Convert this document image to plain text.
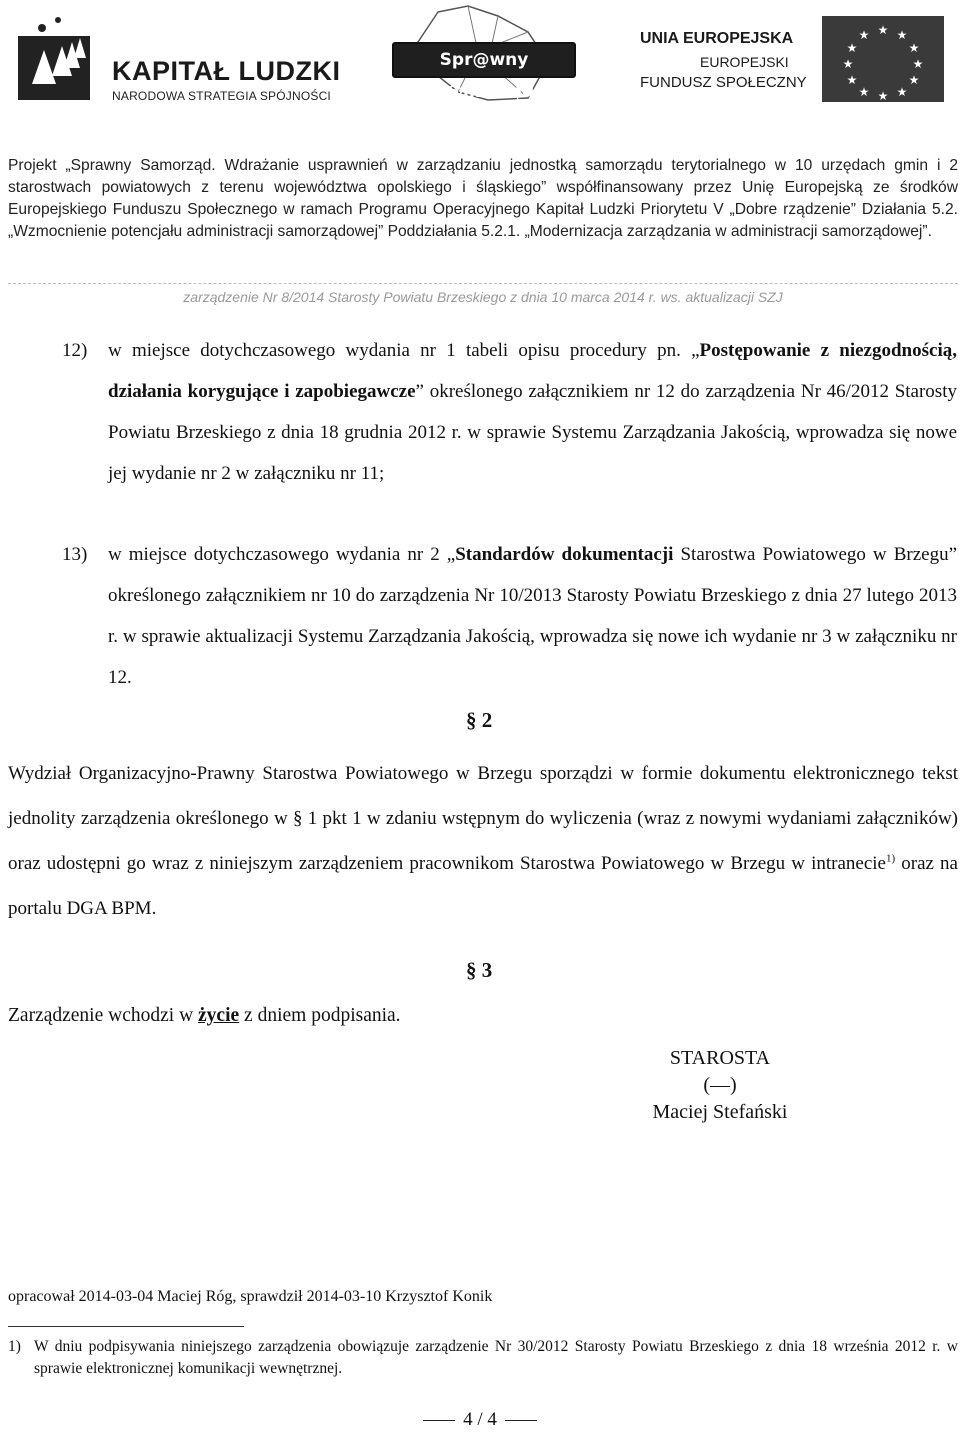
KAPITAŁ LUDZKI
NARODOWA STRATEGIA SPÓJNOŚCI
Spr@wny S@morząd
UNIA EUROPEJSKA
EUROPEJSKI
FUNDUSZ SPOŁECZNY
★ ★
★
★
★
★
★
★
★
★
★
★
Projekt „Sprawny Samorząd. Wdrażanie usprawnień w zarządzaniu jednostką samorządu terytorialnego w 10 urzędach gmin i 2 starostwach powiatowych z terenu województwa opolskiego i śląskiego” współfinansowany przez Unię Europejską ze środków Europejskiego Funduszu Społecznego w ramach Programu Operacyjnego Kapitał Ludzki Priorytetu V „Dobre rządzenie” Działania 5.2. „Wzmocnienie potencjału administracji samorządowej” Poddziałania 5.2.1. „Modernizacja zarządzania w administracji samorządowej”.
zarządzenie Nr 8/2014 Starosty Powiatu Brzeskiego z dnia 10 marca 2014 r. ws. aktualizacji SZJ
12) w miejsce dotychczasowego wydania nr 1 tabeli opisu procedury pn. „Postępowanie z niezgodnością, działania korygujące i zapobiegawcze” określonego załącznikiem nr 12 do zarządzenia Nr 46/2012 Starosty Powiatu Brzeskiego z dnia 18 grudnia 2012 r. w sprawie Systemu Zarządzania Jakością, wprowadza się nowe jej wydanie nr 2 w załączniku nr 11;
13) w miejsce dotychczasowego wydania nr 2 „Standardów dokumentacji Starostwa Powiatowego w Brzegu” określonego załącznikiem nr 10 do zarządzenia Nr 10/2013 Starosty Powiatu Brzeskiego z dnia 27 lutego 2013 r. w sprawie aktualizacji Systemu Zarządzania Jakością, wprowadza się nowe ich wydanie nr 3 w załączniku nr 12.
§ 2
Wydział Organizacyjno-Prawny Starostwa Powiatowego w Brzegu sporządzi w formie dokumentu elektronicznego tekst jednolity zarządzenia określonego w § 1 pkt 1 w zdaniu wstępnym do wyliczenia (wraz z nowymi wydaniami załączników) oraz udostępni go wraz z niniejszym zarządzeniem pracownikom Starostwa Powiatowego w Brzegu w intranecie$^{1)}$ oraz na portalu DGA BPM.
§ 3
Zarządzenie wchodzi w życie z dniem podpisania.
STAROSTA
(—)
Maciej Stefański
opracował 2014-03-04 Maciej Róg, sprawdził 2014-03-10 Krzysztof Konik
1) W dniu podpisywania niniejszego zarządzenia obowiązuje zarządzenie Nr 30/2012 Starosty Powiatu Brzeskiego z dnia 18 września 2012 r. w sprawie elektronicznej komunikacji wewnętrznej.
4 / 4
